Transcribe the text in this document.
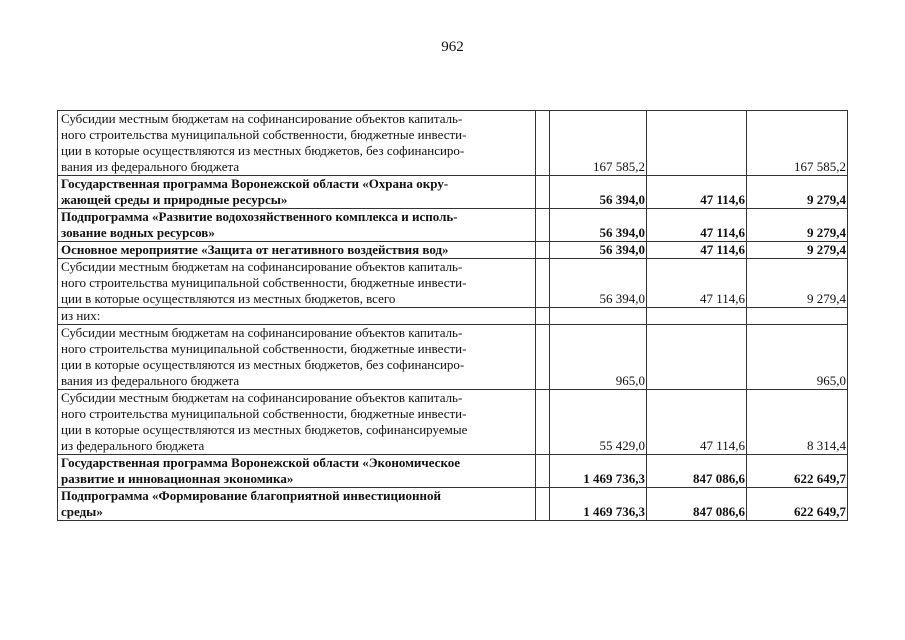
962
Субсидии местным бюджетам на софинансирование объектов капиталь-
ного строительства муниципальной собственности, бюджетные инвести-
ции в которые осуществляются из местных бюджетов, без софинансиро-
вания из федерального бюджета		167 585,2		167 585,2
Государственная программа Воронежской области «Охрана окру-
жающей среды и природные ресурсы»		56 394,0	47 114,6	9 279,4
Подпрограмма «Развитие водохозяйственного комплекса и исполь-
зование водных ресурсов»		56 394,0	47 114,6	9 279,4
Основное мероприятие «Защита от негативного воздействия вод»		56 394,0	47 114,6	9 279,4
Субсидии местным бюджетам на софинансирование объектов капиталь-
ного строительства муниципальной собственности, бюджетные инвести-
ции в которые осуществляются из местных бюджетов, всего		56 394,0	47 114,6	9 279,4
из них:				
Субсидии местным бюджетам на софинансирование объектов капиталь-
ного строительства муниципальной собственности, бюджетные инвести-
ции в которые осуществляются из местных бюджетов, без софинансиро-
вания из федерального бюджета		965,0		965,0
Субсидии местным бюджетам на софинансирование объектов капиталь-
ного строительства муниципальной собственности, бюджетные инвести-
ции в которые осуществляются из местных бюджетов, софинансируемые
из федерального бюджета		55 429,0	47 114,6	8 314,4
Государственная программа Воронежской области «Экономическое
развитие и инновационная экономика»		1 469 736,3	847 086,6	622 649,7
Подпрограмма «Формирование благоприятной инвестиционной
среды»		1 469 736,3	847 086,6	622 649,7
